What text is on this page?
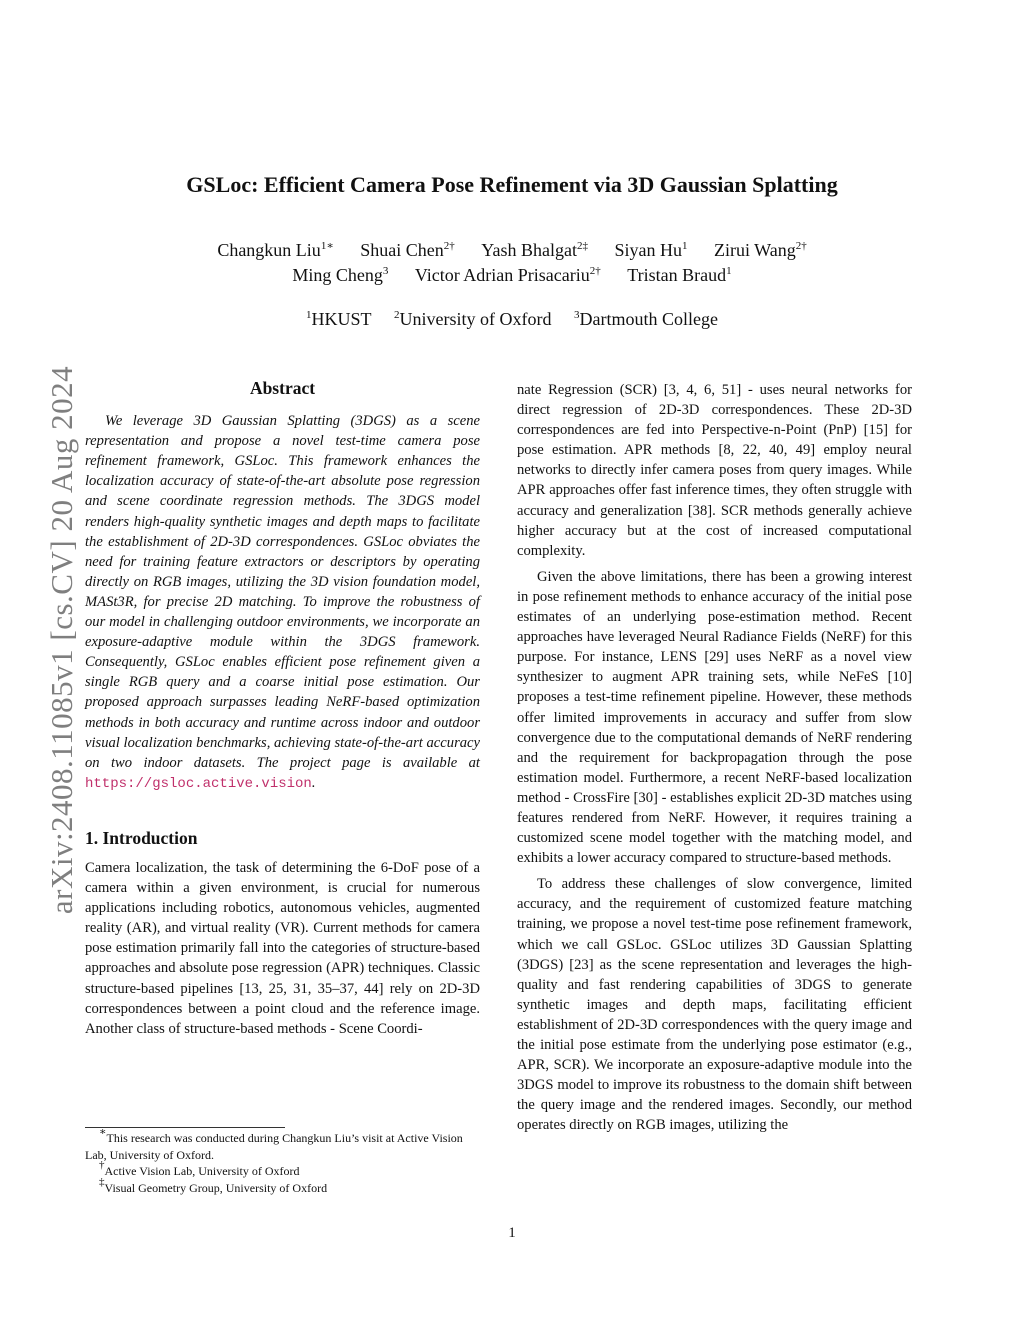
arXiv:2408.11085v1 [cs.CV] 20 Aug 2024
GSLoc: Efficient Camera Pose Refinement via 3D Gaussian Splatting
Changkun Liu$^{1∗}$ Shuai Chen$^{2\dagger}$ Yash Bhalgat$^{2\ddagger}$ Siyan Hu$^1$ Zirui Wang$^{2\dagger}$
Ming Cheng$^3$ Victor Adrian Prisacariu$^{2\dagger}$ Tristan Braud$^1$
$^1$HKUST $^2$University of Oxford $^3$Dartmouth College
Abstract

We leverage 3D Gaussian Splatting (3DGS) as a scene representation and propose a novel test-time camera pose refinement framework, GSLoc. This framework enhances the localization accuracy of state-of-the-art absolute pose regression and scene coordinate regression methods. The 3DGS model renders high-quality synthetic images and depth maps to facilitate the establishment of 2D-3D correspondences. GSLoc obviates the need for training feature extractors or descriptors by operating directly on RGB images, utilizing the 3D vision foundation model, MASt3R, for precise 2D matching. To improve the robustness of our model in challenging outdoor environments, we incorporate an exposure-adaptive module within the 3DGS framework. Consequently, GSLoc enables efficient pose refinement given a single RGB query and a coarse initial pose estimation. Our proposed approach surpasses leading NeRF-based optimization methods in both accuracy and runtime across indoor and outdoor visual localization benchmarks, achieving state-of-the-art accuracy on two indoor datasets. The project page is available at https://gsloc.active.vision.

1. Introduction

Camera localization, the task of determining the 6-DoF pose of a camera within a given environment, is crucial for numerous applications including robotics, autonomous vehicles, augmented reality (AR), and virtual reality (VR). Current methods for camera pose estimation primarily fall into the categories of structure-based approaches and absolute pose regression (APR) techniques. Classic structure-based pipelines [13, 25, 31, 35–37, 44] rely on 2D-3D correspondences between a point cloud and the reference image. Another class of structure-based methods - Scene Coordi-

nate Regression (SCR) [3, 4, 6, 51] - uses neural networks for direct regression of 2D-3D correspondences. These 2D-3D correspondences are fed into Perspective-n-Point (PnP) [15] for pose estimation. APR methods [8, 22, 40, 49] employ neural networks to directly infer camera poses from query images. While APR approaches offer fast inference times, they often struggle with accuracy and generalization [38]. SCR methods generally achieve higher accuracy but at the cost of increased computational complexity.

Given the above limitations, there has been a growing interest in pose refinement methods to enhance accuracy of the initial pose estimates of an underlying pose-estimation method. Recent approaches have leveraged Neural Radiance Fields (NeRF) for this purpose. For instance, LENS [29] uses NeRF as a novel view synthesizer to augment APR training sets, while NeFeS [10] proposes a test-time refinement pipeline. However, these methods offer limited improvements in accuracy and suffer from slow convergence due to the computational demands of NeRF rendering and the requirement for backpropagation through the pose estimation model. Furthermore, a recent NeRF-based localization method - CrossFire [30] - establishes explicit 2D-3D matches using features rendered from NeRF. However, it requires training a customized scene model together with the matching model, and exhibits a lower accuracy compared to structure-based methods.

To address these challenges of slow convergence, limited accuracy, and the requirement of customized feature matching training, we propose a novel test-time pose refinement framework, which we call GSLoc. GSLoc utilizes 3D Gaussian Splatting (3DGS) [23] as the scene representation and leverages the high-quality and fast rendering capabilities of 3DGS to generate synthetic images and depth maps, facilitating efficient establishment of 2D-3D correspondences with the query image and the initial pose estimate from the underlying pose estimator (e.g., APR, SCR). We incorporate an exposure-adaptive module into the 3DGS model to improve its robustness to the domain shift between the query image and the rendered images. Secondly, our method operates directly on RGB images, utilizing the

∗This research was conducted during Changkun Liu’s visit at Active Vision Lab, University of Oxford.
†Active Vision Lab, University of Oxford
‡Visual Geometry Group, University of Oxford
1
